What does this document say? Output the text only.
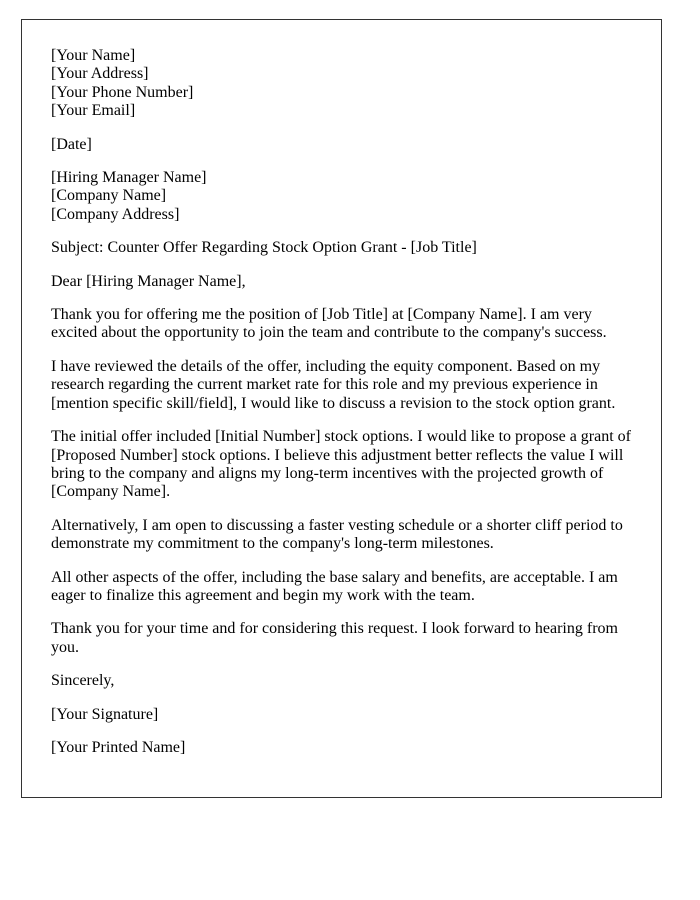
[Your Name]
[Your Address]
[Your Phone Number]
[Your Email]

[Date]

[Hiring Manager Name]
[Company Name]
[Company Address]

Subject: Counter Offer Regarding Stock Option Grant - [Job Title]

Dear [Hiring Manager Name],

Thank you for offering me the position of [Job Title] at [Company Name]. I am very excited about the opportunity to join the team and contribute to the company's success.

I have reviewed the details of the offer, including the equity component. Based on my research regarding the current market rate for this role and my previous experience in [mention specific skill/field], I would like to discuss a revision to the stock option grant.

The initial offer included [Initial Number] stock options. I would like to propose a grant of [Proposed Number] stock options. I believe this adjustment better reflects the value I will bring to the company and aligns my long-term incentives with the projected growth of [Company Name].

Alternatively, I am open to discussing a faster vesting schedule or a shorter cliff period to demonstrate my commitment to the company's long-term milestones.

All other aspects of the offer, including the base salary and benefits, are acceptable. I am eager to finalize this agreement and begin my work with the team.

Thank you for your time and for considering this request. I look forward to hearing from you.

Sincerely,

[Your Signature]

[Your Printed Name]
